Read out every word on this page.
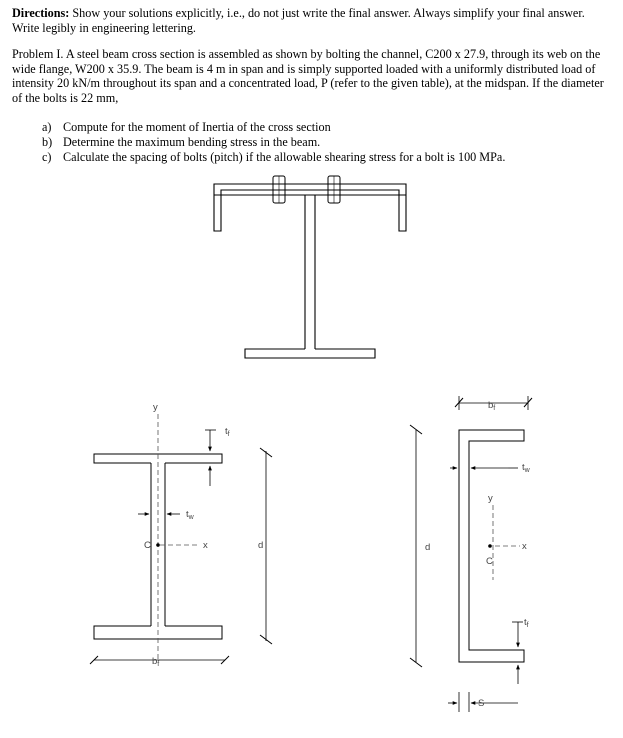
Directions: Show your solutions explicitly, i.e., do not just write the final answer. Always simplify your final answer. Write legibly in engineering lettering.
Problem I. A steel beam cross section is assembled as shown by bolting the channel, C200 x 27.9, through its web on the wide flange, W200 x 35.9. The beam is 4 m in span and is simply supported loaded with a uniformly distributed load of intensity 20 kN/m throughout its span and a concentrated load, P (refer to the given table), at the midspan. If the diameter of the bolts is 22 mm,
a) Compute for the moment of Inertia of the cross section
b) Determine the maximum bending stress in the beam.
c) Calculate the spacing of bolts (pitch) if the allowable shearing stress for a bolt is 100 MPa.
y
$t_f$
$t_w$
C	x	d
$b_f$
$b_f$
$t_w$
y
x
C
d
$t_f$
S
